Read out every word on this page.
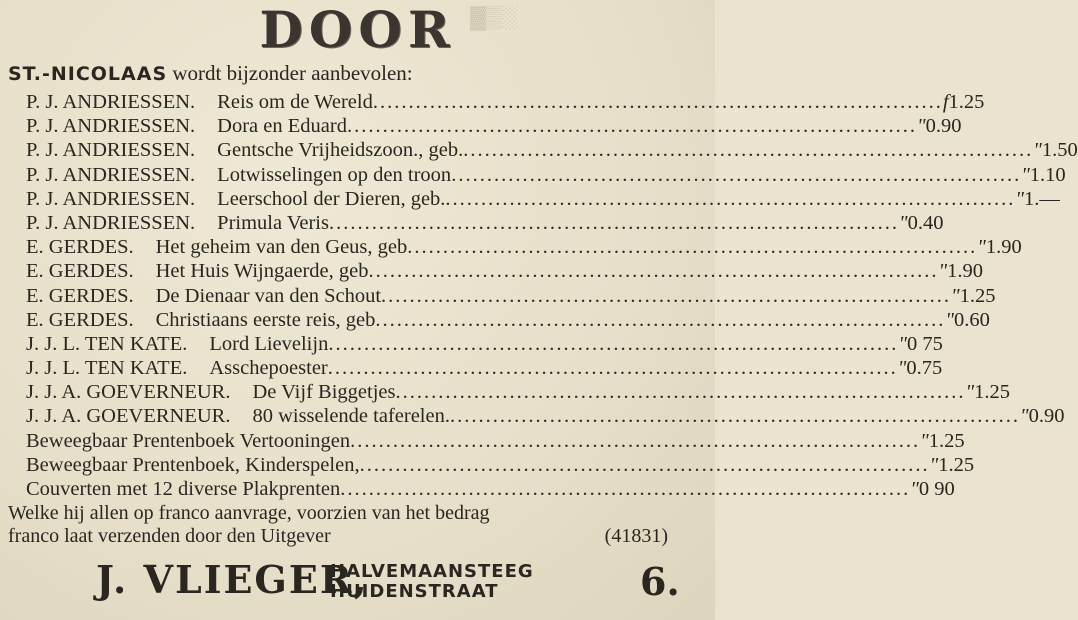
▓▒░
DOOR
ST.-NICOLAAS wordt bijzonder aanbevolen:
P. J. ANDRIESSEN. Reis om de Wereld................................................................................ f 1.25
P. J. ANDRIESSEN. Dora en Eduard................................................................................ " 0.90
P. J. ANDRIESSEN. Gentsche Vrijheidszoon., geb................................................................................. " 1.50
P. J. ANDRIESSEN. Lotwisselingen op den troon................................................................................ " 1.10
P. J. ANDRIESSEN. Leerschool der Dieren, geb................................................................................. " 1.—
P. J. ANDRIESSEN. Primula Veris................................................................................ " 0.40
E. GERDES. Het geheim van den Geus, geb................................................................................ " 1.90
E. GERDES. Het Huis Wijngaerde, geb................................................................................ " 1.90
E. GERDES. De Dienaar van den Schout................................................................................ " 1.25
E. GERDES. Christiaans eerste reis, geb................................................................................ " 0.60
J. J. L. TEN KATE. Lord Lievelijn................................................................................ " 0 75
J. J. L. TEN KATE. Asschepoester................................................................................ " 0.75
J. J. A. GOEVERNEUR. De Vijf Biggetjes................................................................................ " 1.25
J. J. A. GOEVERNEUR. 80 wisselende taferelen................................................................................. " 0.90
Beweegbaar Prentenboek Vertooningen................................................................................ " 1.25
Beweegbaar Prentenboek, Kinderspelen,................................................................................ " 1.25
Couverten met 12 diverse Plakprenten................................................................................ " 0 90
Welke hij allen op franco aanvrage, voorzien van het bedrag
franco laat verzenden door den Uitgever	(41831)
J. VLIEGER,
HALVEMAANSTEEG
HUIDENSTRAAT	6.
